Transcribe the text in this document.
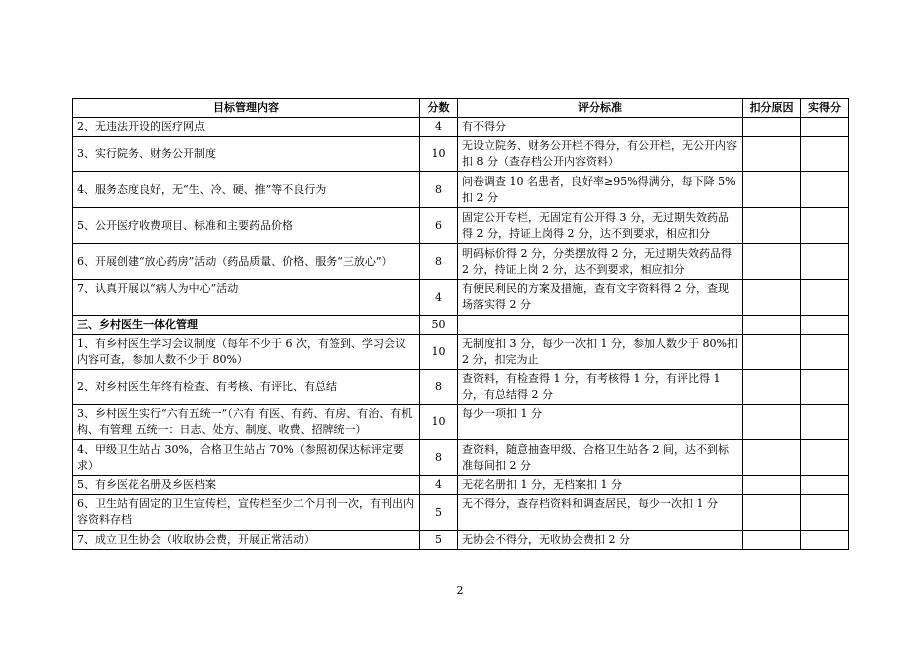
目标管理内容	分数	评分标准	扣分原因	实得分
2、无违法开设的医疗网点	4	有不得分		
3、实行院务、财务公开制度	10	无设立院务、财务公开栏不得分，有公开栏，无公开内容扣 8 分（查存档公开内容资料）		
4、服务态度良好，无“生、冷、硬、推”等不良行为	8	问卷调查 10 名患者，良好率≥95%得满分，每下降 5%扣 2 分		
5、公开医疗收费项目、标准和主要药品价格	6	固定公开专栏，无固定有公开得 3 分，无过期失效药品得 2 分，持证上岗得 2 分，达不到要求，相应扣分		
6、开展创建“放心药房”活动（药品质量、价格、服务“三放心”）	8	明码标价得 2 分，分类摆放得 2 分，无过期失效药品得 2 分，持证上岗 2 分，达不到要求，相应扣分		
7、认真开展以“病人为中心”活动	4	有便民利民的方案及措施，查有文字资料得 2 分，查现场落实得 2 分		
三、乡村医生一体化管理	50			
1、有乡村医生学习会议制度（每年不少于 6 次，有签到、学习会议内容可查，参加人数不少于 80%）	10	无制度扣 3 分，每少一次扣 1 分，参加人数少于 80%扣 2 分，扣完为止		
2、对乡村医生年终有检查、有考核、有评比、有总结	8	查资料，有检查得 1 分，有考核得 1 分，有评比得 1 分，有总结得 2 分		
3、乡村医生实行“六有五统一”（六有 有医、有药、有房、有治、有机构、有管理 五统一：日志、处方、制度、收费、招牌统一）	10	每少一项扣 1 分		
4、甲级卫生站占 30%，合格卫生站占 70%（参照初保达标评定要求）	8	查资料，随意抽查甲级、合格卫生站各 2 间，达不到标准每间扣 2 分		
5、有乡医花名册及乡医档案	4	无花名册扣 1 分，无档案扣 1 分		
6、卫生站有固定的卫生宣传栏，宣传栏至少二个月刊一次，有刊出内容资料存档	5	无不得分，查存档资料和调查居民，每少一次扣 1 分		
7、成立卫生协会（收取协会费，开展正常活动）	5	无协会不得分，无收协会费扣 2 分		
2
